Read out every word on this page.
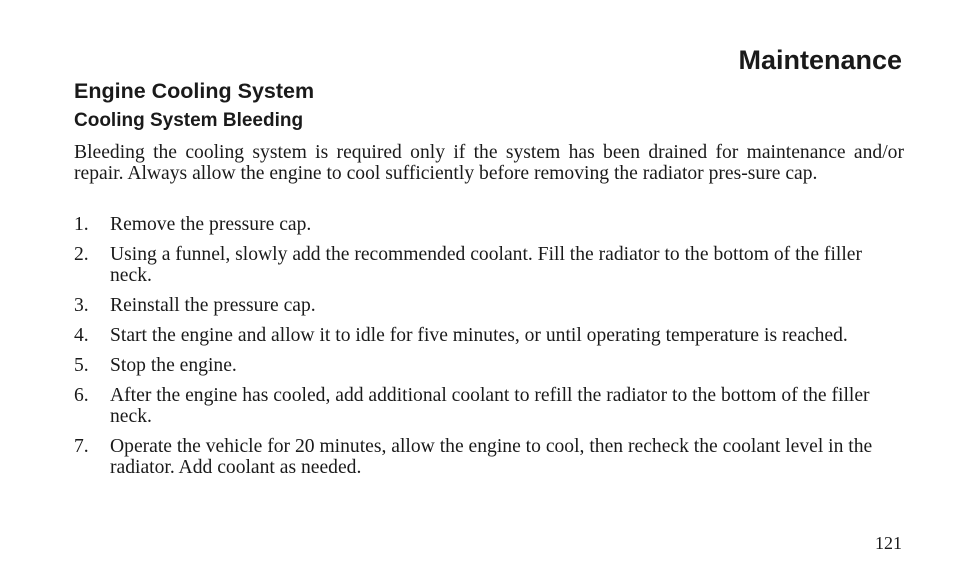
Maintenance
Engine Cooling System
Cooling System Bleeding

Bleeding the cooling system is required only if the system has been drained for maintenance and/or repair. Always allow the engine to cool sufficiently before removing the radiator pres-sure cap.

1. Remove the pressure cap.
2. Using a funnel, slowly add the recommended coolant. Fill the radiator to the bottom of the filler neck.
3. Reinstall the pressure cap.
4. Start the engine and allow it to idle for five minutes, or until operating temperature is reached.
5. Stop the engine.
6. After the engine has cooled, add additional coolant to refill the radiator to the bottom of the filler neck.
7. Operate the vehicle for 20 minutes, allow the engine to cool, then recheck the coolant level in the radiator. Add coolant as needed.

121
